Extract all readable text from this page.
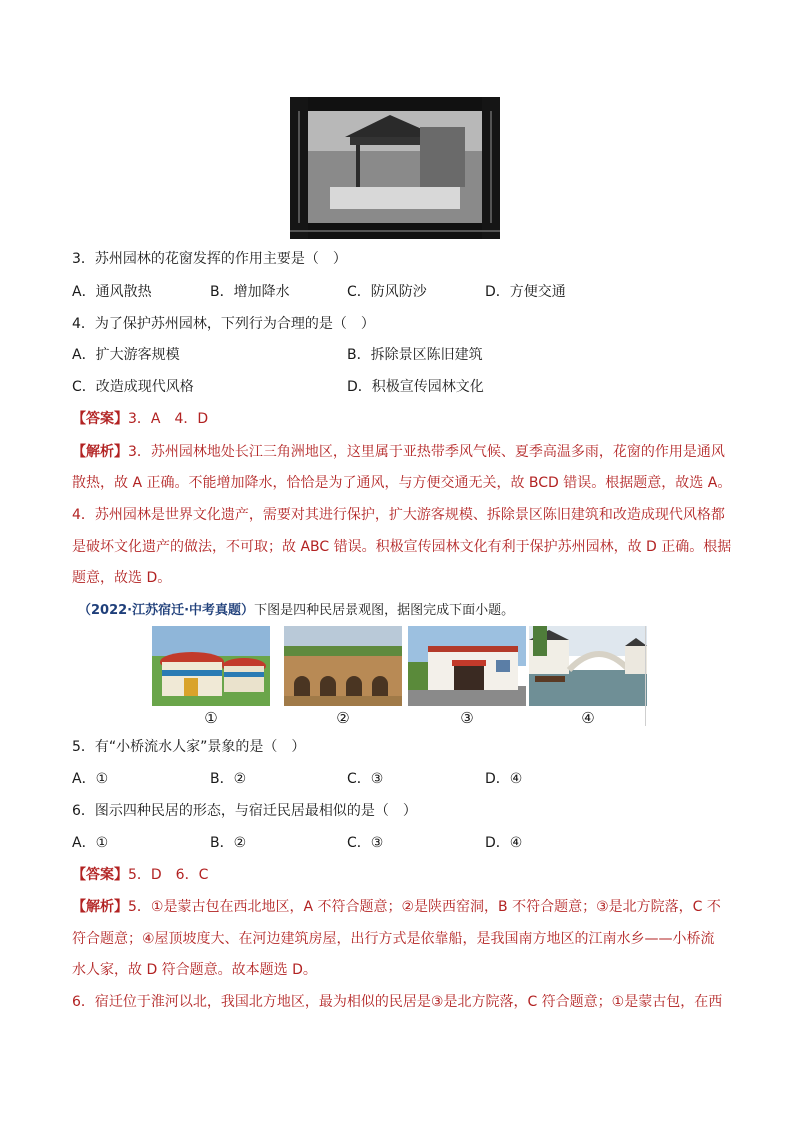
3．苏州园林的花窗发挥的作用主要是（　）
A．通风散热	B．增加降水	C．防风防沙	D．方便交通
4．为了保护苏州园林，下列行为合理的是（　）
A．扩大游客规模	B．拆除景区陈旧建筑
C．改造成现代风格	D．积极宣传园林文化
【答案】3．A　4．D
【解析】3．苏州园林地处长江三角洲地区，这里属于亚热带季风气候、夏季高温多雨，花窗的作用是通风
散热，故 A 正确。不能增加降水，恰恰是为了通风，与方便交通无关，故 BCD 错误。根据题意，故选 A。
4．苏州园林是世界文化遗产，需要对其进行保护，扩大游客规模、拆除景区陈旧建筑和改造成现代风格都
是破坏文化遗产的做法，不可取；故 ABC 错误。积极宣传园林文化有利于保护苏州园林，故 D 正确。根据
题意，故选 D。
（2022·江苏宿迁·中考真题）下图是四种民居景观图，据图完成下面小题。
①	②	③	④
5．有“小桥流水人家”景象的是（　）
A．①	B．②	C．③	D．④
6．图示四种民居的形态，与宿迁民居最相似的是（　）
A．①	B．②	C．③	D．④
【答案】5．D　6．C
【解析】5．①是蒙古包在西北地区，A 不符合题意；②是陕西窑洞，B 不符合题意；③是北方院落，C 不
符合题意；④屋顶坡度大、在河边建筑房屋，出行方式是依靠船，是我国南方地区的江南水乡——小桥流
水人家，故 D 符合题意。故本题选 D。
6．宿迁位于淮河以北，我国北方地区，最为相似的民居是③是北方院落，C 符合题意；①是蒙古包，在西
